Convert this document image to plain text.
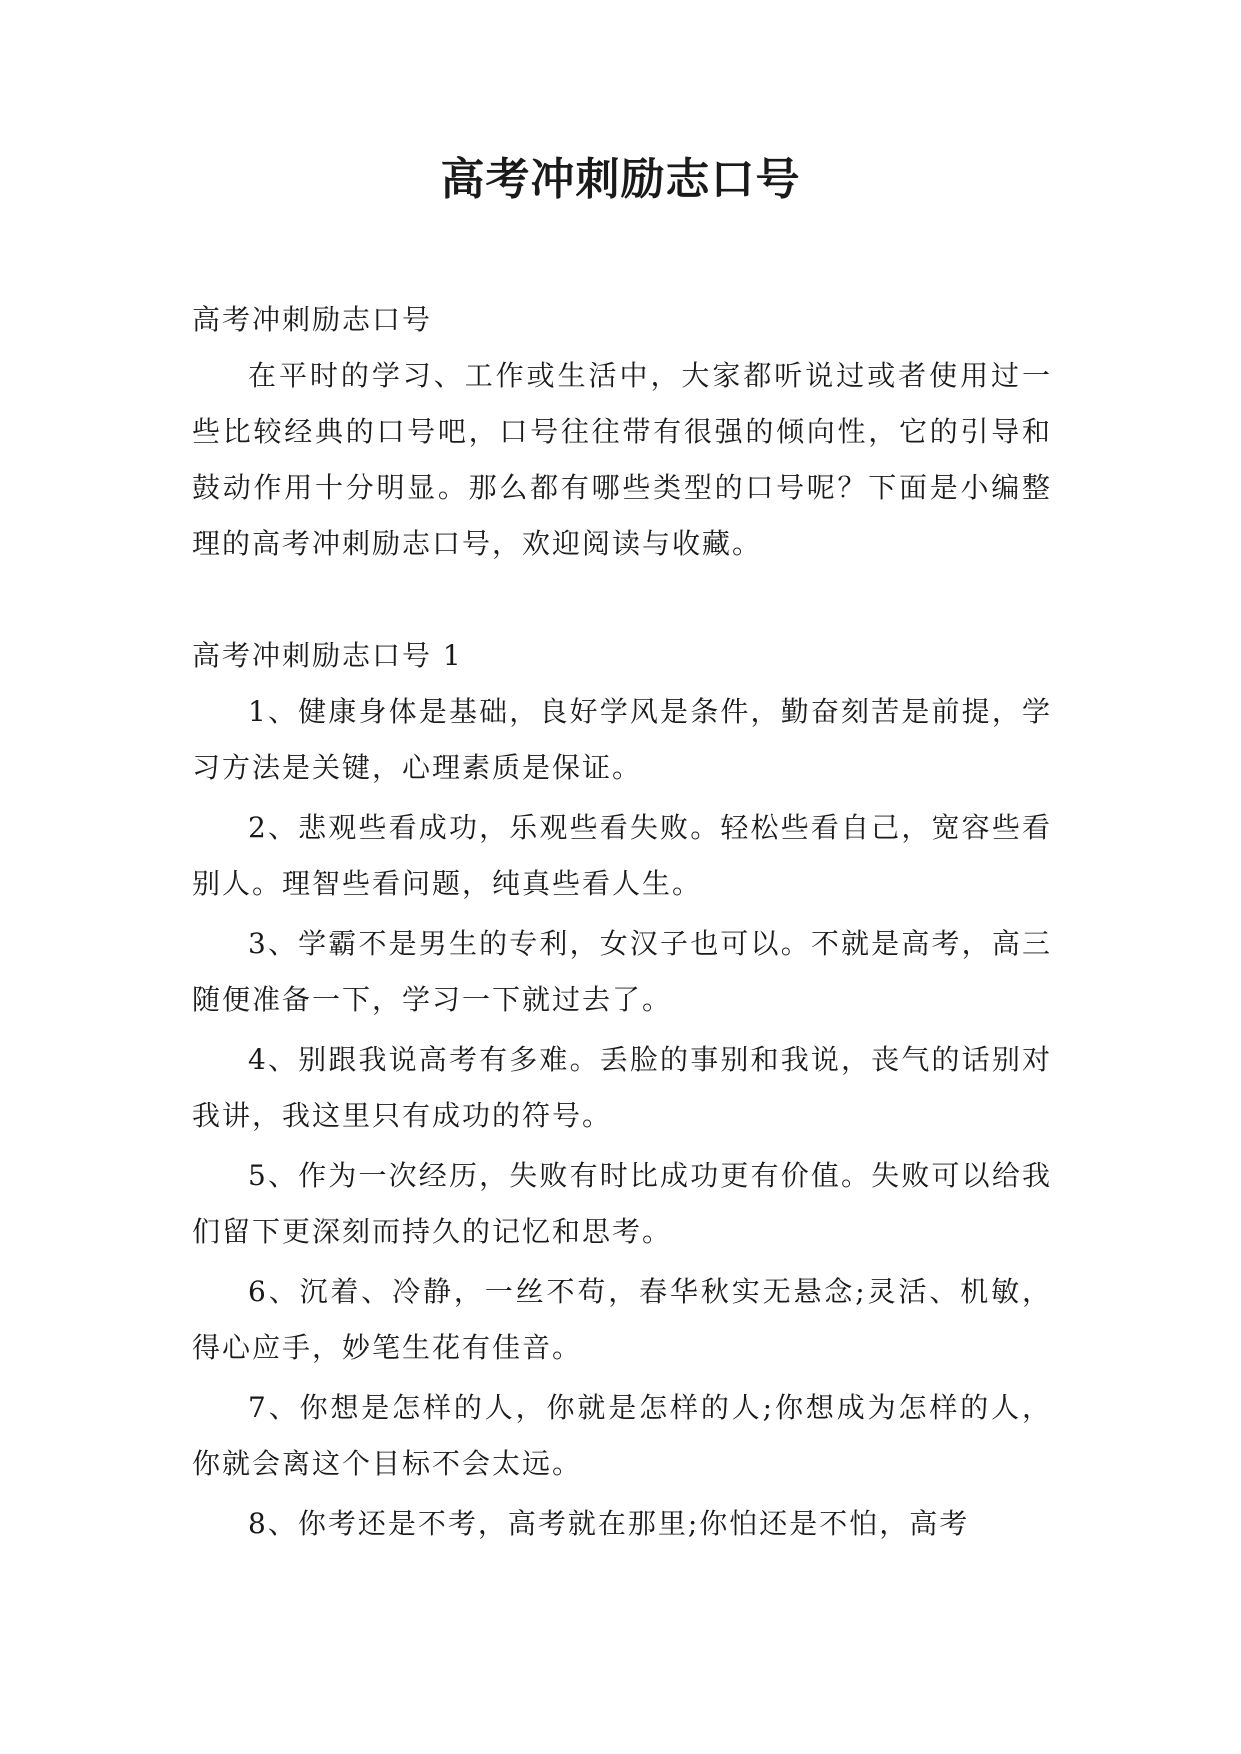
高考冲刺励志口号

高考冲刺励志口号

在平时的学习、工作或生活中，大家都听说过或者使用过一些比较经典的口号吧，口号往往带有很强的倾向性，它的引导和鼓动作用十分明显。那么都有哪些类型的口号呢？下面是小编整理的高考冲刺励志口号，欢迎阅读与收藏。

高考冲刺励志口号 1

1、健康身体是基础，良好学风是条件，勤奋刻苦是前提，学习方法是关键，心理素质是保证。
2、悲观些看成功，乐观些看失败。轻松些看自己，宽容些看别人。理智些看问题，纯真些看人生。
3、学霸不是男生的专利，女汉子也可以。不就是高考，高三随便准备一下，学习一下就过去了。
4、别跟我说高考有多难。丢脸的事别和我说，丧气的话别对我讲，我这里只有成功的符号。
5、作为一次经历，失败有时比成功更有价值。失败可以给我们留下更深刻而持久的记忆和思考。
6、沉着、冷静，一丝不苟，春华秋实无悬念;灵活、机敏，得心应手，妙笔生花有佳音。
7、你想是怎样的人，你就是怎样的人;你想成为怎样的人，你就会离这个目标不会太远。
8、你考还是不考，高考就在那里;你怕还是不怕，高考
